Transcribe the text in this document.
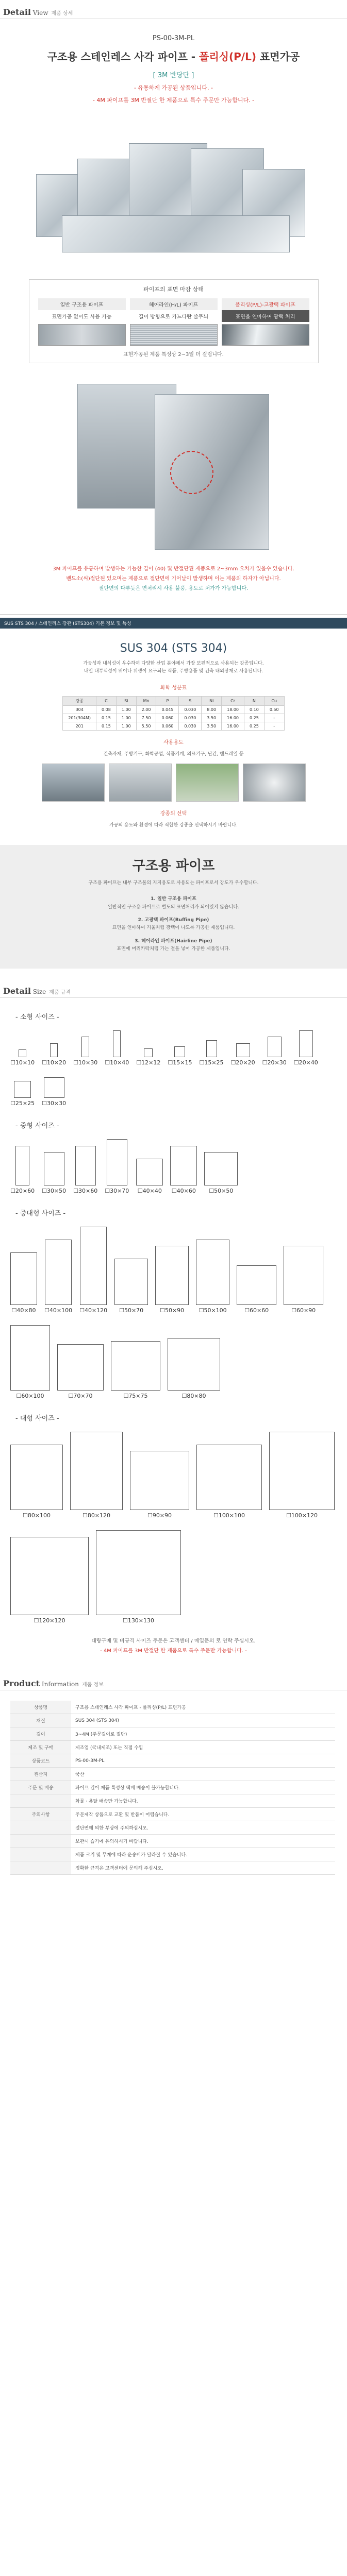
Detail View 제품 상세
PS-00-3M-PL
구조용 스테인레스 사각 파이프 - 폴리싱(P/L) 표면가공
[ 3M 반당단 ]
- 유통하게 가공된 상품입니다. -
- 4M 파이프를 3M 반절단 한 제품으로 특수 주문만 가능합니다. -
파이프의 표면 마감 상태
일반 구조용 파이프
표면가공 없이도 사용 가능
헤어라인(H/L) 파이프
길이 방향으로 가느다란 줄무늬
폴리싱(P/L)-고광택 파이프
표면을 연마하여 광택 처리
표현가공된 제품 특성상 2~3일 더 걸립니다.
3M 파이프를 유통하며 발생하는 가늠한 길이 (40) 및 반절단된 제품으로 2~3mm 오차가 있을수 있습니다.
밴드소(씨)절단된 있으며는 제품으로 절단면에 기어날이 발생하며 이는 제품의 하자가 아닙니다.
절단면의 다루듯은 면처리시 사용 불풍, 용도로 처가가 가능합니다.
SUS STS 304 / 스테인리스 강관 (STS304) 기본 정보 및 특성
SUS 304 (STS 304)
가공성과 내식성이 우수하여 다양한 산업 분야에서 가장 보편적으로 사용되는 강종입니다.
내열 내부식성이 뛰어나 위생이 요구되는 식품, 주방용품 및 건축 내외장재로 사용됩니다.
화학 성분표
강종	C	Si	Mn	P	S	Ni	Cr	N	Cu
304	0.08	1.00	2.00	0.045	0.030	8.00	18.00	0.10	0.50
201(304M)	0.15	1.00	7.50	0.060	0.030	3.50	16.00	0.25	-
201	0.15	1.00	5.50	0.060	0.030	3.50	16.00	0.25	-
사용용도
건축자재, 주방기구, 화학공업, 식품기계, 의료기구, 난간, 핸드레일 등
강종의 선택
가공의 용도와 환경에 따라 적합한 강종을 선택하시기 바랍니다.
구조용 파이프
구조용 파이프는 내부 구조물의 지지용도로 사용되는 파이프로서 강도가 우수합니다.
1. 일반 구조용 파이프
일반적인 구조용 파이프로 별도의 표면처리가 되어있지 않습니다.
2. 고광택 파이프(Buffing Pipe)
표면을 연마하여 거울처럼 광택이 나도록 가공한 제품입니다.
3. 헤어라인 파이프(Hairline Pipe)
표면에 머리카락처럼 가는 결을 넣어 가공한 제품입니다.
Detail Size 제품 규격
- 소형 사이즈 -
☐10×10 ☐10×20 ☐10×30 ☐10×40 ☐12×12 ☐15×15 ☐15×25 ☐20×20 ☐20×30 ☐20×40
☐25×25 ☐30×30
- 중형 사이즈 -
☐20×60 ☐30×50 ☐30×60 ☐30×70 ☐40×40 ☐40×60 ☐50×50
- 중대형 사이즈 -
☐40×80 ☐40×100 ☐40×120 ☐50×70	☐50×90	☐50×100	☐60×60	☐60×90
☐60×100	☐70×70	☐75×75	☐80×80
- 대형 사이즈 -
☐80×100	☐80×120	☐90×90	☐100×100	☐100×120
☐120×120	☐130×130
대량구매 및 비규격 사이즈 주문은 고객센터 / 메일문의 로 연락 주십시오.
- 4M 파이프를 3M 반절단 한 제품으로 특수 주문만 가능합니다. -
Product Information 제품 정보
상품명	구조용 스테인레스 사각 파이프 - 폴리싱(P/L) 표면가공
재질	SUS 304 (STS 304)
길이	3~4M (주문길이로 절단)
제조 및 구매	제조업 (국내제조) 또는 직접 수입
상품코드	PS-00-3M-PL
원산지	국산
주문 및 배송	파이프 길이 제품 특성상 택배 배송이 불가능합니다.
	화물 · 용달 배송만 가능합니다.
주의사항	주문제작 상품으로 교환 및 반품이 어렵습니다.
	절단면에 의한 부상에 주의하십시오.
	보관시 습기에 유의하시기 바랍니다.
	제품 크기 및 무게에 따라 운송비가 달라질 수 있습니다.
	정확한 규격은 고객센터에 문의해 주십시오.
